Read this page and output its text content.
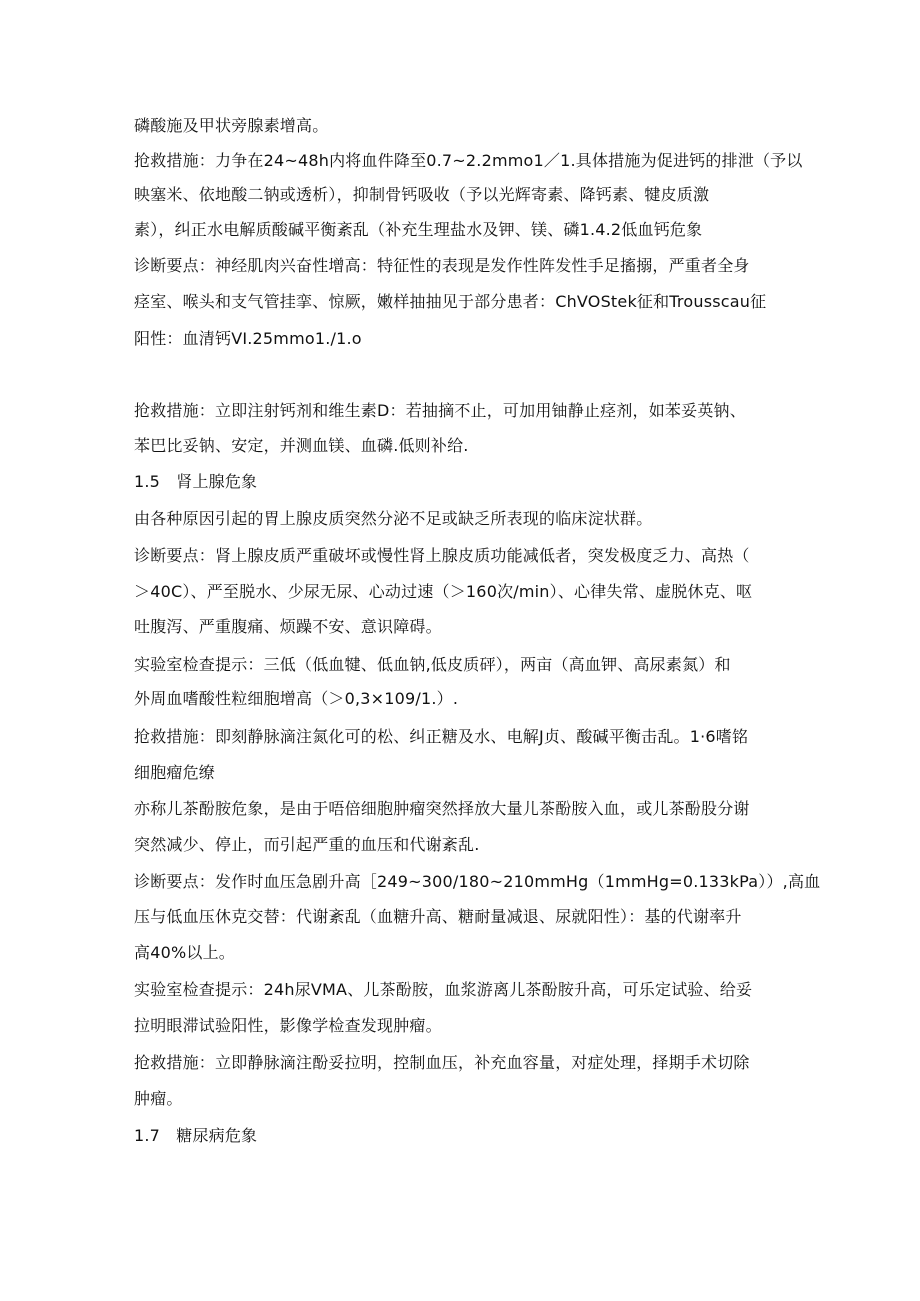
磷酸施及甲状旁腺素增高。
抢救措施：力争在24~48h内将血件降至0.7~2.2mmo1／1.具体措施为促进钙的排泄（予以
映塞米、依地酸二钠或透析），抑制骨钙吸收（予以光辉寄素、降钙素、犍皮质激
素），纠正水电解质酸碱平衡紊乱（补充生理盐水及钾、镁、磷1.4.2低血钙危象
诊断要点：神经肌肉兴奋性增高：特征性的表现是发作性阵发性手足搐搦，严重者全身
痉室、喉头和支气管挂挛、惊厥，嫩样抽抽见于部分患者：ChVOStek征和Trousscau征
阳性：血清钙VI.25mmo1./1.o
抢救措施：立即注射钙剂和维生素D：若抽摘不止，可加用铀静止痉剂，如苯妥英钠、
苯巴比妥钠、安定，并测血镁、血磷.低则补给.
1.5　肾上腺危象
由各种原因引起的胃上腺皮质突然分泌不足或缺乏所表现的临床淀状群。
诊断要点：肾上腺皮质严重破坏或慢性肾上腺皮质功能减低者，突发极度乏力、高热（
＞40C）、严至脱水、少尿无尿、心动过速（＞160次/min）、心律失常、虚脱休克、呕
吐腹泻、严重腹痛、烦躁不安、意识障碍。
实验室检查提示：三低（低血犍、低血钠,低皮质砰），两亩（高血钾、高尿素氮）和
外周血嗜酸性粒细胞增高（＞0,3×109/1.）.
抢救措施：即刻静脉滴注氮化可的松、纠正糖及水、电解J贞、酸碱平衡击乱。1·6嗜铭
细胞瘤危缭
亦称儿茶酚胺危象，是由于唔倍细胞肿瘤突然择放大量儿茶酚胺入血，或儿茶酚股分谢
突然减少、停止，而引起严重的血压和代谢紊乱.
诊断要点：发作时血压急剧升高［249~300/180~210mmHg（1mmHg=0.133kPa））,高血
压与低血压休克交替：代谢紊乱（血糖升高、糖耐量减退、尿就阳性）：基的代谢率升
高40%以上。
实验室检查提示：24h尿VMA、儿茶酚胺，血浆游离儿茶酚胺升高，可乐定试验、给妥
拉明眼滞试验阳性，影像学检查发现肿瘤。
抢救措施：立即静脉滴注酚妥拉明，控制血压，补充血容量，对症处理，择期手术切除
肿瘤。
1.7　糖尿病危象
